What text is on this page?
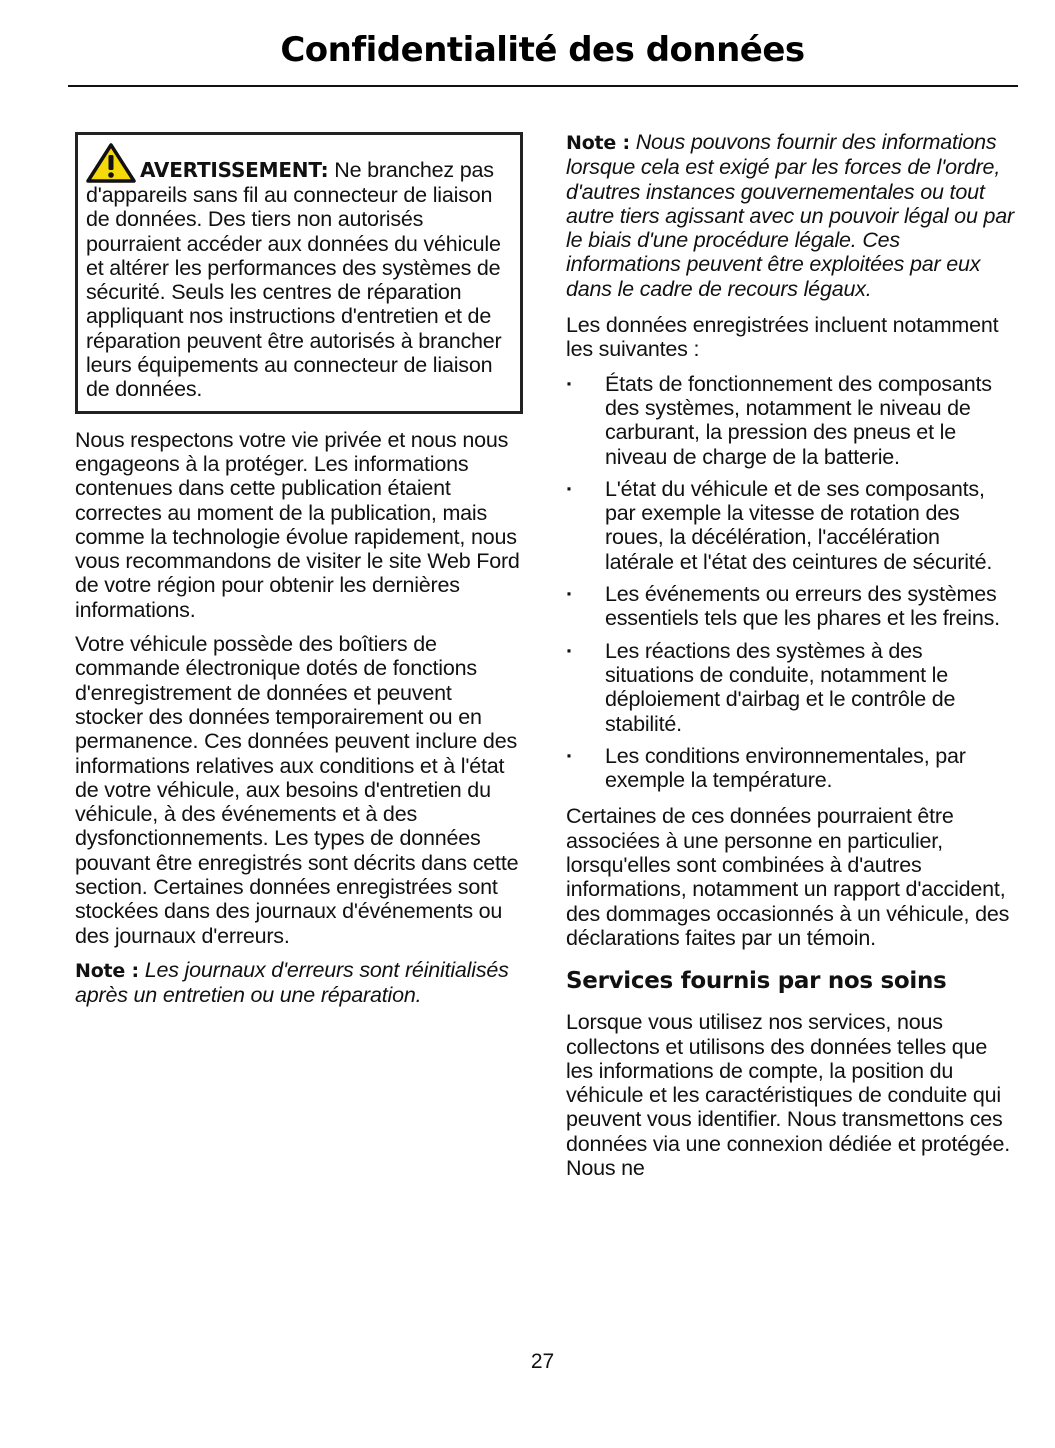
Confidentialité des données
AVERTISSEMENT: Ne branchez pas d'appareils sans fil au connecteur de liaison de données. Des tiers non autorisés pourraient accéder aux données du véhicule et altérer les performances des systèmes de sécurité. Seuls les centres de réparation appliquant nos instructions d'entretien et de réparation peuvent être autorisés à brancher leurs équipements au connecteur de liaison de données.

Nous respectons votre vie privée et nous nous engageons à la protéger. Les informations contenues dans cette publication étaient correctes au moment de la publication, mais comme la technologie évolue rapidement, nous vous recommandons de visiter le site Web Ford de votre région pour obtenir les dernières informations.

Votre véhicule possède des boîtiers de commande électronique dotés de fonctions d'enregistrement de données et peuvent stocker des données temporairement ou en permanence. Ces données peuvent inclure des informations relatives aux conditions et à l'état de votre véhicule, aux besoins d'entretien du véhicule, à des événements et à des dysfonctionnements. Les types de données pouvant être enregistrés sont décrits dans cette section. Certaines données enregistrées sont stockées dans des journaux d'événements ou des journaux d'erreurs.

Note : Les journaux d'erreurs sont réinitialisés après un entretien ou une réparation.

Note : Nous pouvons fournir des informations lorsque cela est exigé par les forces de l'ordre, d'autres instances gouvernementales ou tout autre tiers agissant avec un pouvoir légal ou par le biais d'une procédure légale. Ces informations peuvent être exploitées par eux dans le cadre de recours légaux.

Les données enregistrées incluent notamment les suivantes :

· États de fonctionnement des composants des systèmes, notamment le niveau de carburant, la pression des pneus et le niveau de charge de la batterie.
· L'état du véhicule et de ses composants, par exemple la vitesse de rotation des roues, la décélération, l'accélération latérale et l'état des ceintures de sécurité.
· Les événements ou erreurs des systèmes essentiels tels que les phares et les freins.
· Les réactions des systèmes à des situations de conduite, notamment le déploiement d'airbag et le contrôle de stabilité.
· Les conditions environnementales, par exemple la température.

Certaines de ces données pourraient être associées à une personne en particulier, lorsqu'elles sont combinées à d'autres informations, notamment un rapport d'accident, des dommages occasionnés à un véhicule, des déclarations faites par un témoin.

Services fournis par nos soins

Lorsque vous utilisez nos services, nous collectons et utilisons des données telles que les informations de compte, la position du véhicule et les caractéristiques de conduite qui peuvent vous identifier. Nous transmettons ces données via une connexion dédiée et protégée. Nous ne

27
